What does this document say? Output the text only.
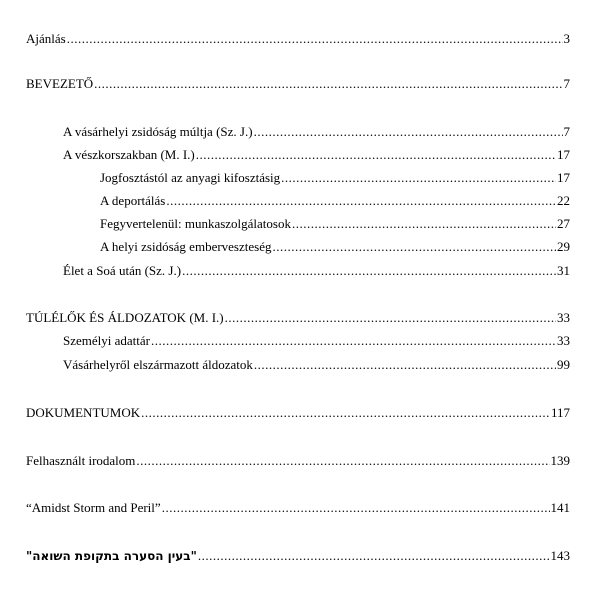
Ajánlás .....	3
BEVEZETŐ .....	7
A vásárhelyi zsidóság múltja (Sz. J.) .....	7
A vészkorszakban (M. I.) .....	17
Jogfosztástól az anyagi kifosztásig .....	17
A deportálás .....	22
Fegyvertelenül: munkaszolgálatosok .....	27
A helyi zsidóság emberveszteség .....	29
Élet a Soá után (Sz. J.) .....	31
TÚLÉLŐK ÉS ÁLDOZATOK (M. I.) .....	33
Személyi adattár .....	33
Vásárhelyről elszármazott áldozatok .....	99
DOKUMENTUMOK .....	117
Felhasznált irodalom .....	139
“Amidst Storm and Peril” .....	141
"בעין הסערה בתקופת השואה" .....	143
